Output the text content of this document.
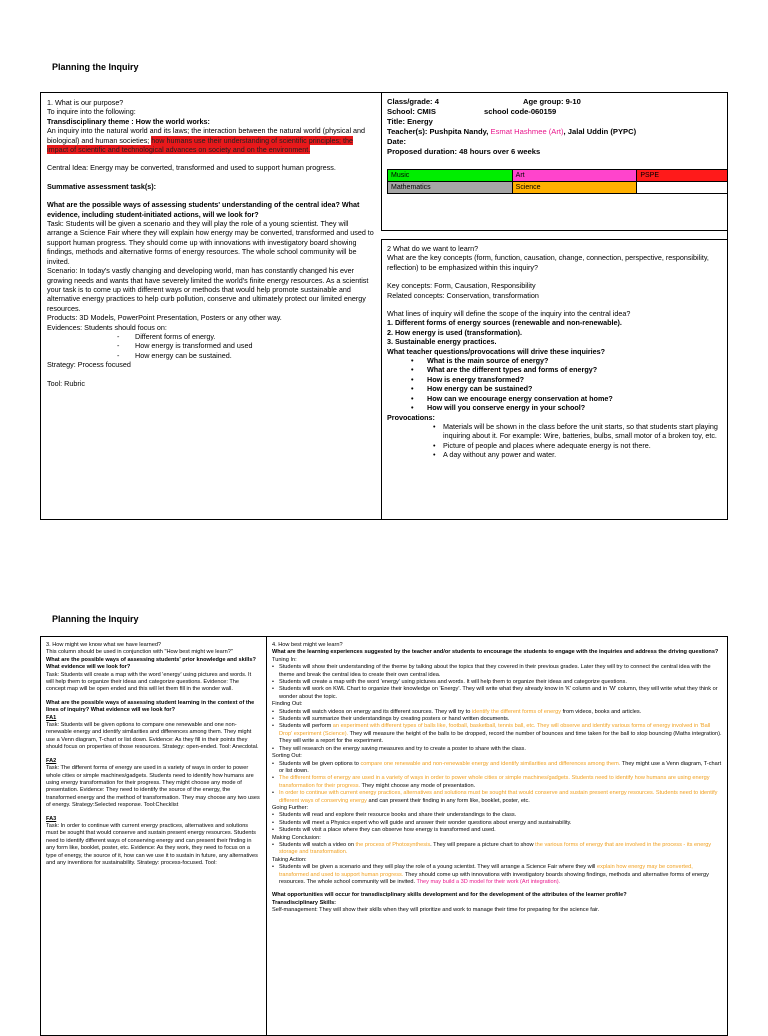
Planning the Inquiry

1. What is our purpose?

To inquire into the following:

Transdisciplinary theme : How the world works:

An inquiry into the natural world and its laws; the interaction between the natural world (physical and biological) and human societies; how humans use their understanding of scientific principles; the impact of scientific and technological advances on society and on the environment.

Central Idea: Energy may be converted, transformed and used to support human progress.

Summative assessment task(s):

What are the possible ways of assessing students' understanding of the central idea? What evidence, including student-initiated actions, will we look for?

Task: Students will be given a scenario and they will play the role of a young scientist. They will arrange a Science Fair where they will explain how energy may be converted, transformed and used to support human progress. They should come up with innovations with investigatory board showing findings, methods and alternative forms of energy resources. The whole school community will be invited.

Scenario: In today's vastly changing and developing world, man has constantly changed his ever growing needs and wants that have severely limited the world's finite energy resources. As a scientist your task is to come up with different ways or methods that would help promote sustainable and alternative energy practices to help curb pollution, conserve and ultimately protect our limited energy resources.

Products: 3D Models, PowerPoint Presentation, Posters or any other way.

Evidences: Students should focus on:

- Different forms of energy.
- How energy is transformed and used
- How energy can be sustained.

Strategy: Process focused

Tool: Rubric

Class/grade: 4	Age group: 9-10

School: CMIS	school code-060159

Title: Energy

Teacher(s): Pushpita Nandy, Esmat Hashmee (Art), Jalal Uddin (PYPC)

Date:

Proposed duration: 48 hours over 6 weeks

Music	Art	PSPE
Mathematics	Science	

2 What do we want to learn?

What are the key concepts (form, function, causation, change, connection, perspective, responsibility, reflection) to be emphasized within this inquiry?

Key concepts: Form, Causation, Responsibility

Related concepts: Conservation, transformation

What lines of inquiry will define the scope of the inquiry into the central idea?

1. Different forms of energy sources (renewable and non-renewable).

2. How energy is used (transformation).

3. Sustainable energy practices.

What teacher questions/provocations will drive these inquiries?

• What is the main source of energy?
• What are the different types and forms of energy?
• How is energy transformed?
• How energy can be sustained?
• How can we encourage energy conservation at home?
• How will you conserve energy in your school?

Provocations:

• Materials will be shown in the class before the unit starts, so that students start playing inquiring about it. For example: Wire, batteries, bulbs, small motor of a broken toy, etc.
• Picture of people and places where adequate energy is not there.
• A day without any power and water.
Planning the Inquiry

3. How might we know what we have learned?

This column should be used in conjunction with "How best might we learn?"

What are the possible ways of assessing students' prior knowledge and skills? What evidence will we look for?

Task: Students will create a map with the word 'energy' using pictures and words. It will help them to organize their ideas and categorize questions. Evidence: The concept map will be open ended and this will let them fill in the wonder wall.

What are the possible ways of assessing student learning in the context of the lines of inquiry? What evidence will we look for?

FA1

Task: Students will be given options to compare one renewable and one non-renewable energy and identify similarities and differences among them. They might use a Venn diagram, T-chart or list down. Evidence: As they fill in their points they should focus on properties of those resources. Strategy: open-ended. Tool: Anecdotal.

FA2

Task: The different forms of energy are used in a variety of ways in order to power whole cities or simple machines/gadgets. Students need to identify how humans are using energy transformation for their progress. They might choose any mode of presentation. Evidence: They need to identify the source of the energy, the transformed energy and the method of transformation. They may choose any two uses of energy. Strategy:Selected response. Tool:Checklist

FA3

Task: In order to continue with current energy practices, alternatives and solutions must be sought that would conserve and sustain present energy resources. Students need to identify different ways of conserving energy and can present their finding in any form like, booklet, poster, etc. Evidence: As they work, they need to focus on a type of energy, the source of it, how can we use it to sustain in future, any alternatives and any inventions for sustainability. Strategy: process-focused. Tool:

4. How best might we learn?

What are the learning experiences suggested by the teacher and/or students to encourage the students to engage with the inquiries and address the driving questions?

Tuning In:

• Students will show their understanding of the theme by talking about the topics that they covered in their previous grades. Later they will try to connect the central idea with the theme and break the central idea to create their own central idea.
• Students will create a map with the word 'energy' using pictures and words. It will help them to organize their ideas and categorize questions.
• Students will work on KWL Chart to organize their knowledge on 'Energy'. They will write what they already know in 'K' column and in 'W' column, they will write what they think or wonder about the topic.

Finding Out:

• Students will watch videos on energy and its different sources. They will try to identify the different forms of energy from videos, books and articles.
• Students will summarize their understandings by creating posters or hand written documents.
• Students will perform an experiment with different types of balls like, football, basketball, tennis ball, etc. They will observe and identify various forms of energy involved in 'Ball Drop' experiment (Science). They will measure the height of the balls to be dropped, record the number of bounces and time taken for the ball to stop bouncing (Maths integration). They will write a report for the experiment.
• They will research on the energy saving measures and try to create a poster to share with the class.

Sorting Out:

• Students will be given options to compare one renewable and non-renewable energy and identify similarities and differences among them. They might use a Venn diagram, T-chart or list down.
• The different forms of energy are used in a variety of ways in order to power whole cities or simple machines/gadgets. Students need to identify how humans are using energy transformation for their progress. They might choose any mode of presentation.
• In order to continue with current energy practices, alternatives and solutions must be sought that would conserve and sustain present energy resources. Students need to identify different ways of conserving energy and can present their finding in any form like, booklet, poster, etc.

Going Further:

• Students will read and explore their resource books and share their understandings to the class.
• Students will meet a Physics expert who will guide and answer their wonder questions about energy and sustainability.
• Students will visit a place where they can observe how energy is transformed and used.

Making Conclusion:

• Students will watch a video on the process of Photosynthesis. They will prepare a picture chart to show the various forms of energy that are involved in the process - its energy storage and transformation.

Taking Action:

• Students will be given a scenario and they will play the role of a young scientist. They will arrange a Science Fair where they will explain how energy may be converted, transformed and used to support human progress. They should come up with innovations with investigatory boards showing findings, methods and alternative forms of energy resources. The whole school community will be invited. They may build a 3D model for their work (Art integration).

What opportunities will occur for transdisciplinary skills development and for the development of the attributes of the learner profile?

Transdisciplinary Skills:

Self-management: They will show their skills when they will prioritize and work to manage their time for preparing for the science fair.
